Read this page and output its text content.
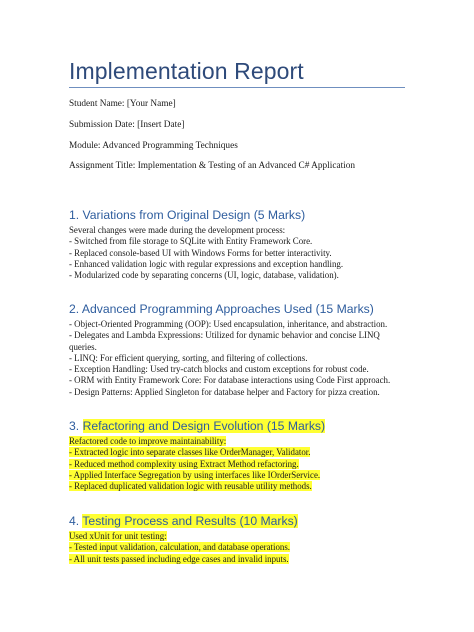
Implementation Report
Student Name: [Your Name]
Submission Date: [Insert Date]
Module: Advanced Programming Techniques
Assignment Title: Implementation & Testing of an Advanced C# Application
1. Variations from Original Design (5 Marks)
Several changes were made during the development process:
- Switched from file storage to SQLite with Entity Framework Core.
- Replaced console-based UI with Windows Forms for better interactivity.
- Enhanced validation logic with regular expressions and exception handling.
- Modularized code by separating concerns (UI, logic, database, validation).
2. Advanced Programming Approaches Used (15 Marks)
- Object-Oriented Programming (OOP): Used encapsulation, inheritance, and abstraction.
- Delegates and Lambda Expressions: Utilized for dynamic behavior and concise LINQ queries.
- LINQ: For efficient querying, sorting, and filtering of collections.
- Exception Handling: Used try-catch blocks and custom exceptions for robust code.
- ORM with Entity Framework Core: For database interactions using Code First approach.
- Design Patterns: Applied Singleton for database helper and Factory for pizza creation.
3. Refactoring and Design Evolution (15 Marks)
Refactored code to improve maintainability:
- Extracted logic into separate classes like OrderManager, Validator.
- Reduced method complexity using Extract Method refactoring.
- Applied Interface Segregation by using interfaces like IOrderService.
- Replaced duplicated validation logic with reusable utility methods.
4. Testing Process and Results (10 Marks)
Used xUnit for unit testing:
- Tested input validation, calculation, and database operations.
- All unit tests passed including edge cases and invalid inputs.
